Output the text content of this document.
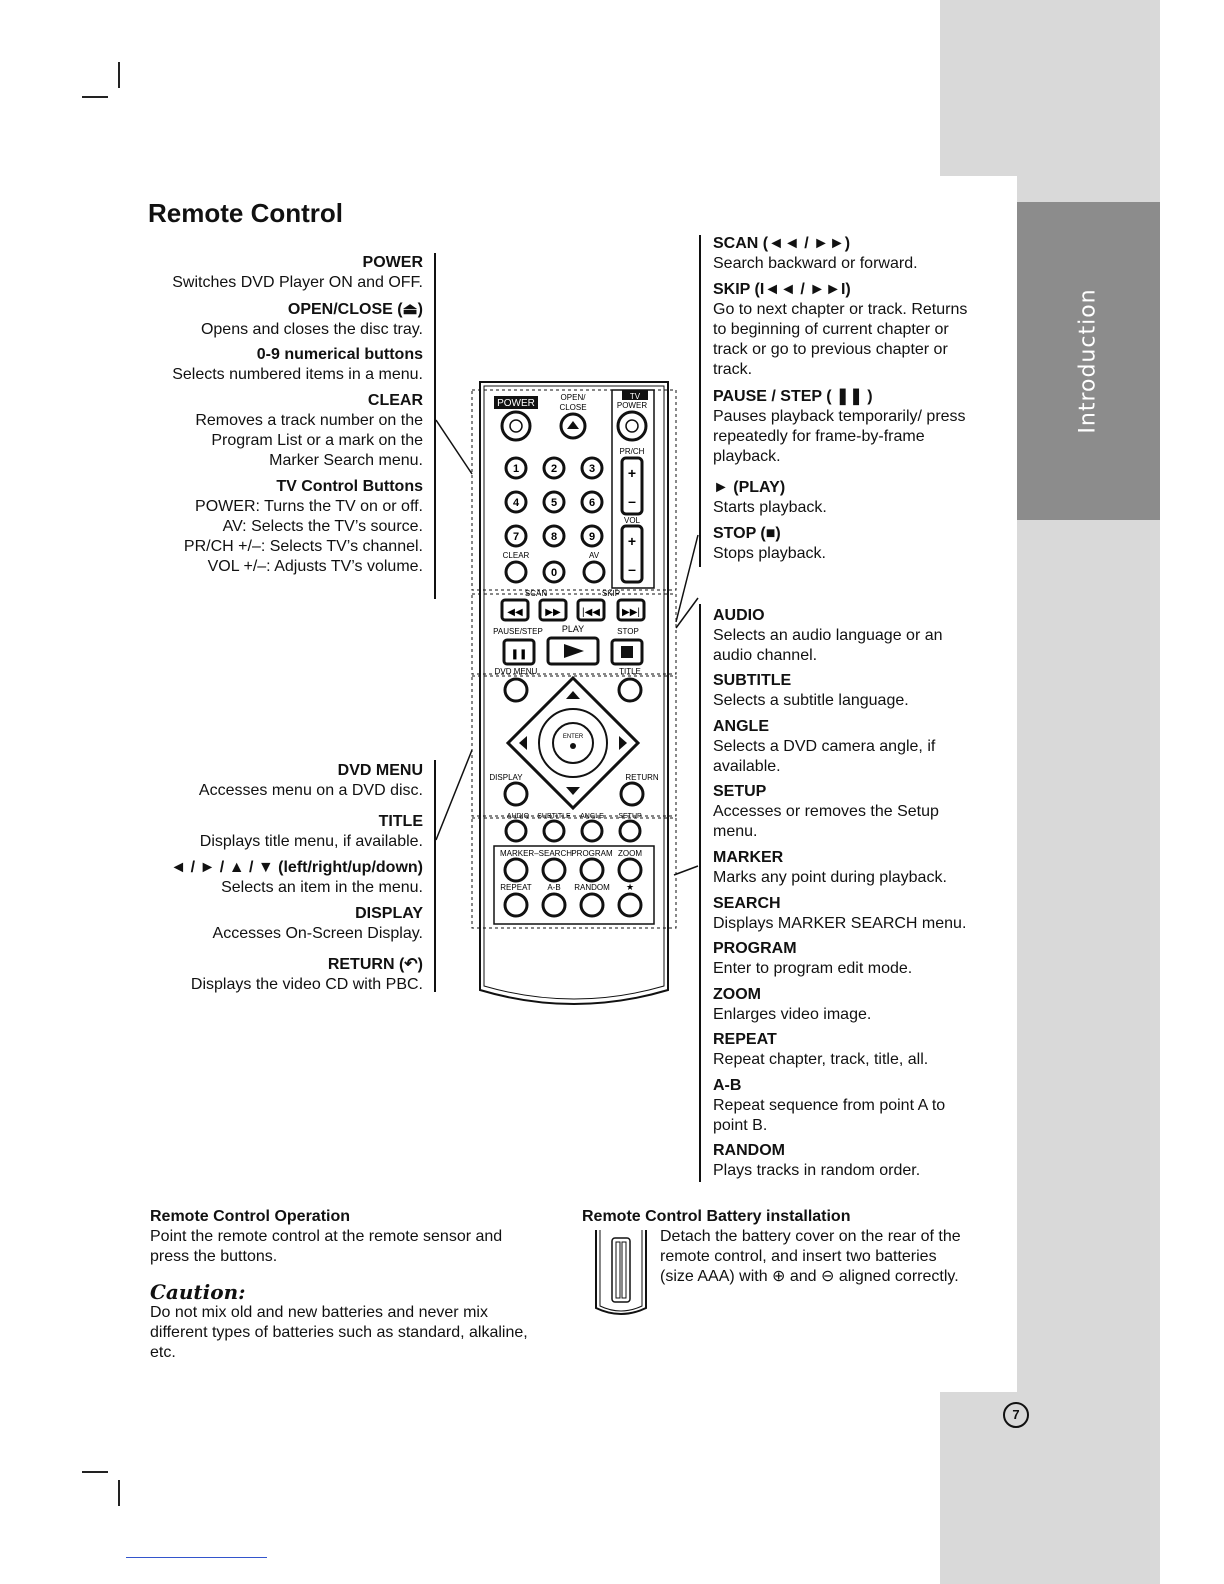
Introduction
7
Remote Control
POWER
Switches DVD Player ON and OFF.
OPEN/CLOSE (⏏)
Opens and closes the disc tray.
0-9 numerical buttons
Selects numbered items in a menu.
CLEAR
Removes a track number on the
Program List or a mark on the
Marker Search menu.
TV Control Buttons
POWER: Turns the TV on or off.
AV: Selects the TV’s source.
PR/CH +/–: Selects TV’s channel.
VOL +/–: Adjusts TV’s volume.
DVD MENU
Accesses menu on a DVD disc.
TITLE
Displays title menu, if available.
◄ / ► / ▲ / ▼ (left/right/up/down)
Selects an item in the menu.
DISPLAY
Accesses On-Screen Display.
RETURN (↶)
Displays the video CD with PBC.
SCAN (◄◄ / ►►)
Search backward or forward.
SKIP (I◄◄ / ►►I)
Go to next chapter or track. Returns
to beginning of current chapter or
track or go to previous chapter or
track.
PAUSE / STEP ( ❚❚ )
Pauses playback temporarily/ press
repeatedly for frame-by-frame
playback.
► (PLAY)
Starts playback.
STOP (■)
Stops playback.
AUDIO
Selects an audio language or an
audio channel.
SUBTITLE
Selects a subtitle language.
ANGLE
Selects a DVD camera angle, if
available.
SETUP
Accesses or removes the Setup
menu.
MARKER
Marks any point during playback.
SEARCH
Displays MARKER SEARCH menu.
PROGRAM
Enter to program edit mode.
ZOOM
Enlarges video image.
REPEAT
Repeat chapter, track, title, all.
A-B
Repeat sequence from point A to
point B.
RANDOM
Plays tracks in random order.
TV
POWER
OPEN/
CLOSE	POWER
PR/CH
VOL
CLEAR	AV
+
–
+
–
1	2	3
4	5	6
7	8	9
0
SCAN	SKIP
◀◀ ▶▶ |◀◀ ▶▶|
PAUSE/STEP PLAY	STOP
❚❚
DVD MENU	TITLE
ENTER
DISPLAY	RETURN
AUDIO SUBTITLE ANGLE SETUP
MARKER–SEARCH PROGRAM ZOOM
REPEAT A-B RANDOM ★
Remote Control Operation
Point the remote control at the remote sensor and
press the buttons.
Caution:
Do not mix old and new batteries and never mix
different types of batteries such as standard, alkaline,
etc.
Remote Control Battery installation
Detach the battery cover on the rear of the
remote control, and insert two batteries
(size AAA) with ⊕ and ⊖ aligned correctly.
